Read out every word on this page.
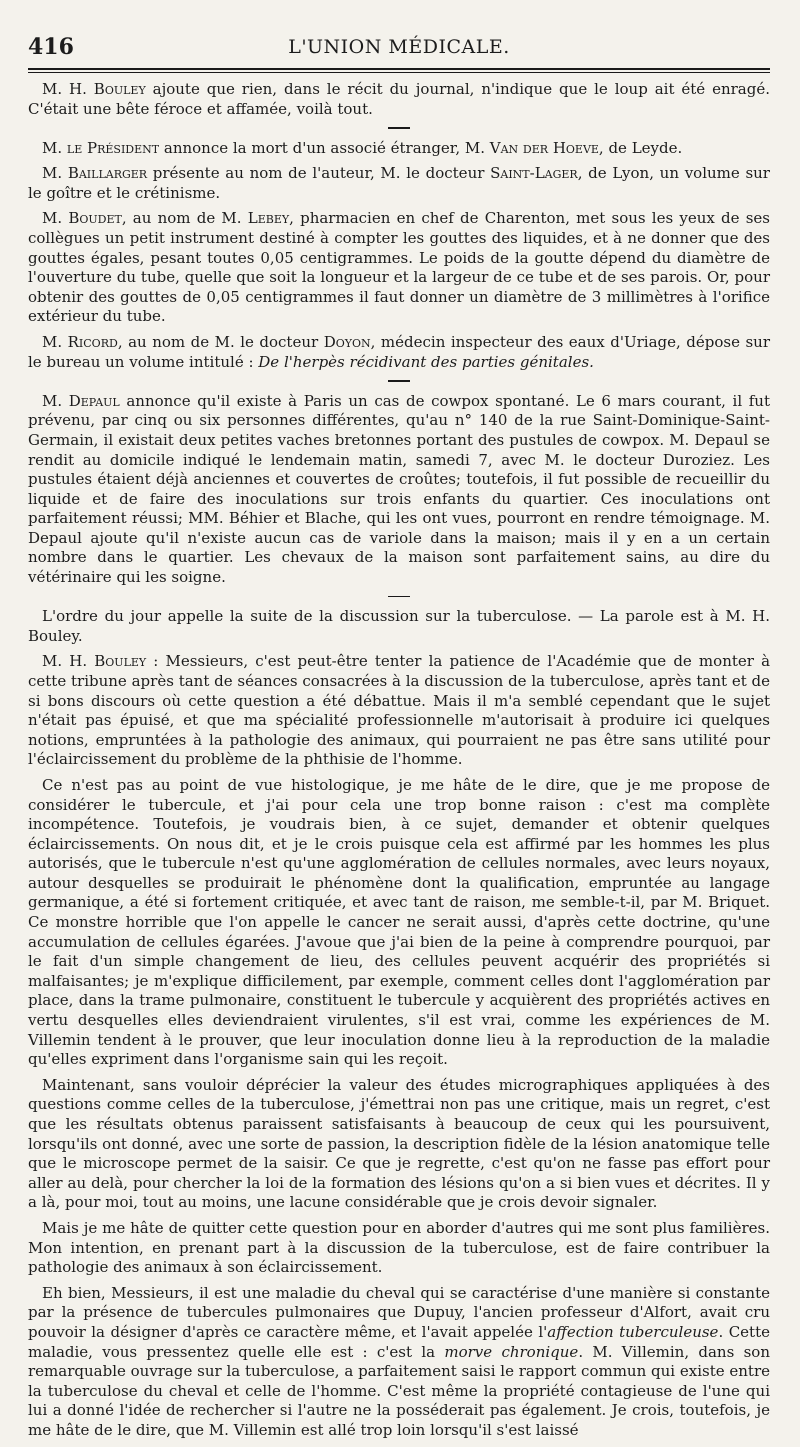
416	L'UNION MÉDICALE.

M. H. Bouley ajoute que rien, dans le récit du journal, n'indique que le loup ait été enragé. C'était une bête féroce et affamée, voilà tout.

M. le Président annonce la mort d'un associé étranger, M. Van der Hoeve, de Leyde.

M. Baillarger présente au nom de l'auteur, M. le docteur Saint-Lager, de Lyon, un volume sur le goître et le crétinisme.

M. Boudet, au nom de M. Lebey, pharmacien en chef de Charenton, met sous les yeux de ses collègues un petit instrument destiné à compter les gouttes des liquides, et à ne donner que des gouttes égales, pesant toutes 0,05 centigrammes. Le poids de la goutte dépend du diamètre de l'ouverture du tube, quelle que soit la longueur et la largeur de ce tube et de ses parois. Or, pour obtenir des gouttes de 0,05 centigrammes il faut donner un diamètre de 3 millimètres à l'orifice extérieur du tube.

M. Ricord, au nom de M. le docteur Doyon, médecin inspecteur des eaux d'Uriage, dépose sur le bureau un volume intitulé : De l'herpès récidivant des parties génitales.

M. Depaul annonce qu'il existe à Paris un cas de cowpox spontané. Le 6 mars courant, il fut prévenu, par cinq ou six personnes différentes, qu'au n° 140 de la rue Saint-Dominique-Saint-Germain, il existait deux petites vaches bretonnes portant des pustules de cowpox. M. Depaul se rendit au domicile indiqué le lendemain matin, samedi 7, avec M. le docteur Duroziez. Les pustules étaient déjà anciennes et couvertes de croûtes; toutefois, il fut possible de recueillir du liquide et de faire des inoculations sur trois enfants du quartier. Ces inoculations ont parfaitement réussi; MM. Béhier et Blache, qui les ont vues, pourront en rendre témoignage. M. Depaul ajoute qu'il n'existe aucun cas de variole dans la maison; mais il y en a un certain nombre dans le quartier. Les chevaux de la maison sont parfaitement sains, au dire du vétérinaire qui les soigne.

L'ordre du jour appelle la suite de la discussion sur la tuberculose. — La parole est à M. H. Bouley.

M. H. Bouley : Messieurs, c'est peut-être tenter la patience de l'Académie que de monter à cette tribune après tant de séances consacrées à la discussion de la tuberculose, après tant et de si bons discours où cette question a été débattue. Mais il m'a semblé cependant que le sujet n'était pas épuisé, et que ma spécialité professionnelle m'autorisait à produire ici quelques notions, empruntées à la pathologie des animaux, qui pourraient ne pas être sans utilité pour l'éclaircissement du problème de la phthisie de l'homme.

Ce n'est pas au point de vue histologique, je me hâte de le dire, que je me propose de considérer le tubercule, et j'ai pour cela une trop bonne raison : c'est ma complète incompétence. Toutefois, je voudrais bien, à ce sujet, demander et obtenir quelques éclaircissements. On nous dit, et je le crois puisque cela est affirmé par les hommes les plus autorisés, que le tubercule n'est qu'une agglomération de cellules normales, avec leurs noyaux, autour desquelles se produirait le phénomène dont la qualification, empruntée au langage germanique, a été si fortement critiquée, et avec tant de raison, me semble-t-il, par M. Briquet. Ce monstre horrible que l'on appelle le cancer ne serait aussi, d'après cette doctrine, qu'une accumulation de cellules égarées. J'avoue que j'ai bien de la peine à comprendre pourquoi, par le fait d'un simple changement de lieu, des cellules peuvent acquérir des propriétés si malfaisantes; je m'explique difficilement, par exemple, comment celles dont l'agglomération par place, dans la trame pulmonaire, constituent le tubercule y acquièrent des propriétés actives en vertu desquelles elles deviendraient virulentes, s'il est vrai, comme les expériences de M. Villemin tendent à le prouver, que leur inoculation donne lieu à la reproduction de la maladie qu'elles expriment dans l'organisme sain qui les reçoit.

Maintenant, sans vouloir déprécier la valeur des études micrographiques appliquées à des questions comme celles de la tuberculose, j'émettrai non pas une critique, mais un regret, c'est que les résultats obtenus paraissent satisfaisants à beaucoup de ceux qui les poursuivent, lorsqu'ils ont donné, avec une sorte de passion, la description fidèle de la lésion anatomique telle que le microscope permet de la saisir. Ce que je regrette, c'est qu'on ne fasse pas effort pour aller au delà, pour chercher la loi de la formation des lésions qu'on a si bien vues et décrites. Il y a là, pour moi, tout au moins, une lacune considérable que je crois devoir signaler.

Mais je me hâte de quitter cette question pour en aborder d'autres qui me sont plus familières. Mon intention, en prenant part à la discussion de la tuberculose, est de faire contribuer la pathologie des animaux à son éclaircissement.

Eh bien, Messieurs, il est une maladie du cheval qui se caractérise d'une manière si constante par la présence de tubercules pulmonaires que Dupuy, l'ancien professeur d'Alfort, avait cru pouvoir la désigner d'après ce caractère même, et l'avait appelée l'affection tuberculeuse. Cette maladie, vous pressentez quelle elle est : c'est la morve chronique. M. Villemin, dans son remarquable ouvrage sur la tuberculose, a parfaitement saisi le rapport commun qui existe entre la tuberculose du cheval et celle de l'homme. C'est même la propriété contagieuse de l'une qui lui a donné l'idée de rechercher si l'autre ne la posséderait pas également. Je crois, toutefois, je me hâte de le dire, que M. Villemin est allé trop loin lorsqu'il s'est laissé
